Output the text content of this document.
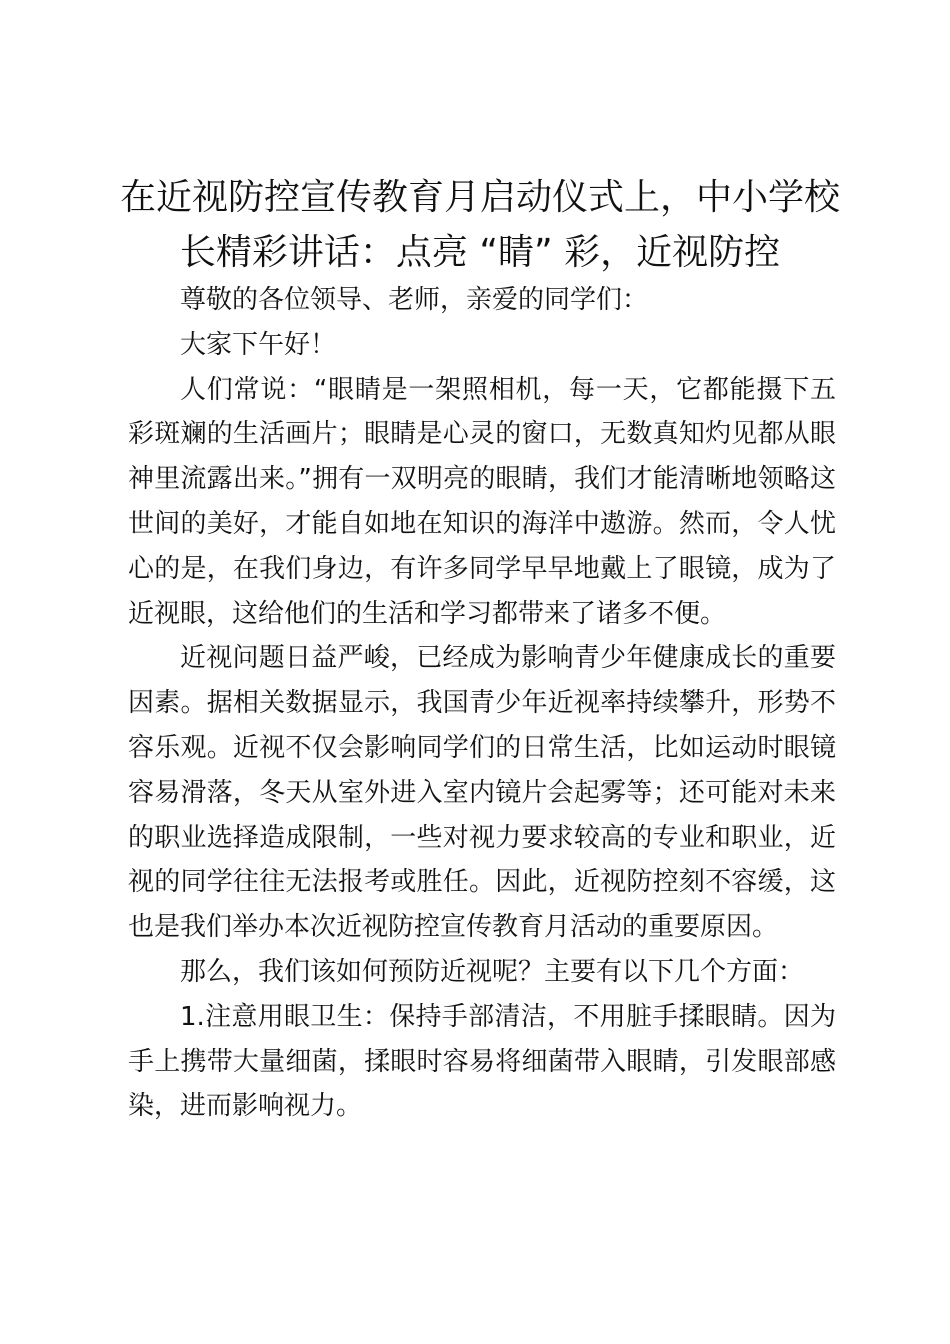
在近视防控宣传教育月启动仪式上，中小学校
长精彩讲话：点亮 “睛” 彩，近视防控

尊敬的各位领导、老师，亲爱的同学们：

大家下午好！

人们常说：“眼睛是一架照相机，每一天，它都能摄下五彩斑斓的生活画片；眼睛是心灵的窗口，无数真知灼见都从眼神里流露出来。”拥有一双明亮的眼睛，我们才能清晰地领略这世间的美好，才能自如地在知识的海洋中遨游。然而，令人忧心的是，在我们身边，有许多同学早早地戴上了眼镜，成为了近视眼，这给他们的生活和学习都带来了诸多不便。

近视问题日益严峻，已经成为影响青少年健康成长的重要因素。据相关数据显示，我国青少年近视率持续攀升，形势不容乐观。近视不仅会影响同学们的日常生活，比如运动时眼镜容易滑落，冬天从室外进入室内镜片会起雾等；还可能对未来的职业选择造成限制，一些对视力要求较高的专业和职业，近视的同学往往无法报考或胜任。因此，近视防控刻不容缓，这也是我们举办本次近视防控宣传教育月活动的重要原因。

那么，我们该如何预防近视呢？主要有以下几个方面：

1.注意用眼卫生：保持手部清洁，不用脏手揉眼睛。因为手上携带大量细菌，揉眼时容易将细菌带入眼睛，引发眼部感染，进而影响视力。
